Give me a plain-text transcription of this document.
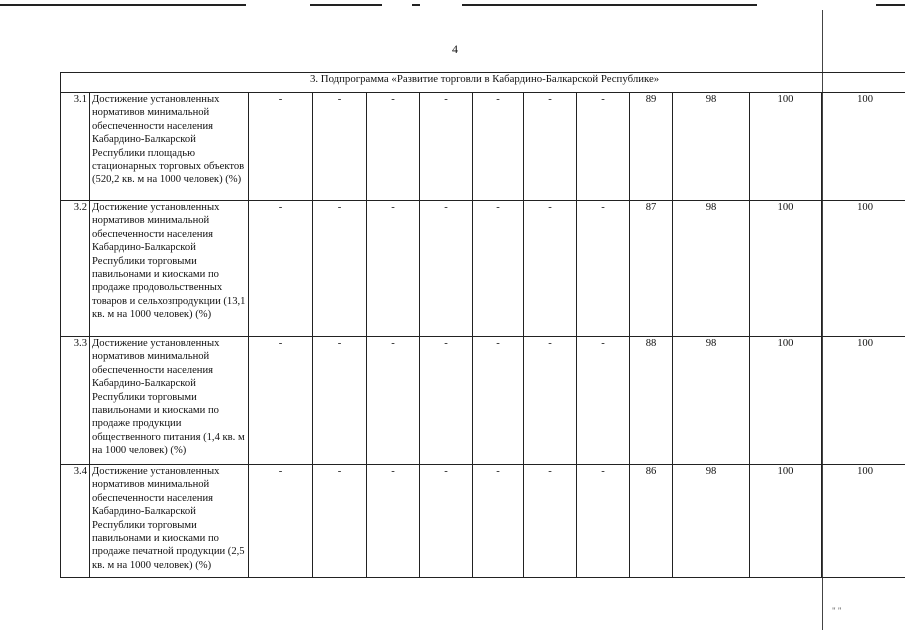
4
3. Подпрограмма «Развитие торговли в Кабардино-Балкарской Республике»												
3.1	Достижение установленных нормативов минимальной обеспеченности населения Кабардино-Балкарской Республики площадью стационарных торговых объектов (520,2 кв. м на 1000 человек) (%)	-	-	-	-	-	-	-	89	98	100	100
3.2	Достижение установленных нормативов минимальной обеспеченности населения Кабардино-Балкарской Республики торговыми павильонами и киосками по продаже продовольственных товаров и сельхозпродукции (13,1 кв. м на 1000 человек) (%)	-	-	-	-	-	-	-	87	98	100	100
3.3	Достижение установленных нормативов минимальной обеспеченности населения Кабардино-Балкарской Республики торговыми павильонами и киосками по продаже продукции общественного питания (1,4 кв. м на 1000 человек) (%)	-	-	-	-	-	-	-	88	98	100	100
3.4	Достижение установленных нормативов минимальной обеспеченности населения Кабардино-Балкарской Республики торговыми павильонами и киосками по продаже печатной продукции (2,5 кв. м на 1000 человек) (%)	-	-	-	-	-	-	-	86	98	100	100
" "
